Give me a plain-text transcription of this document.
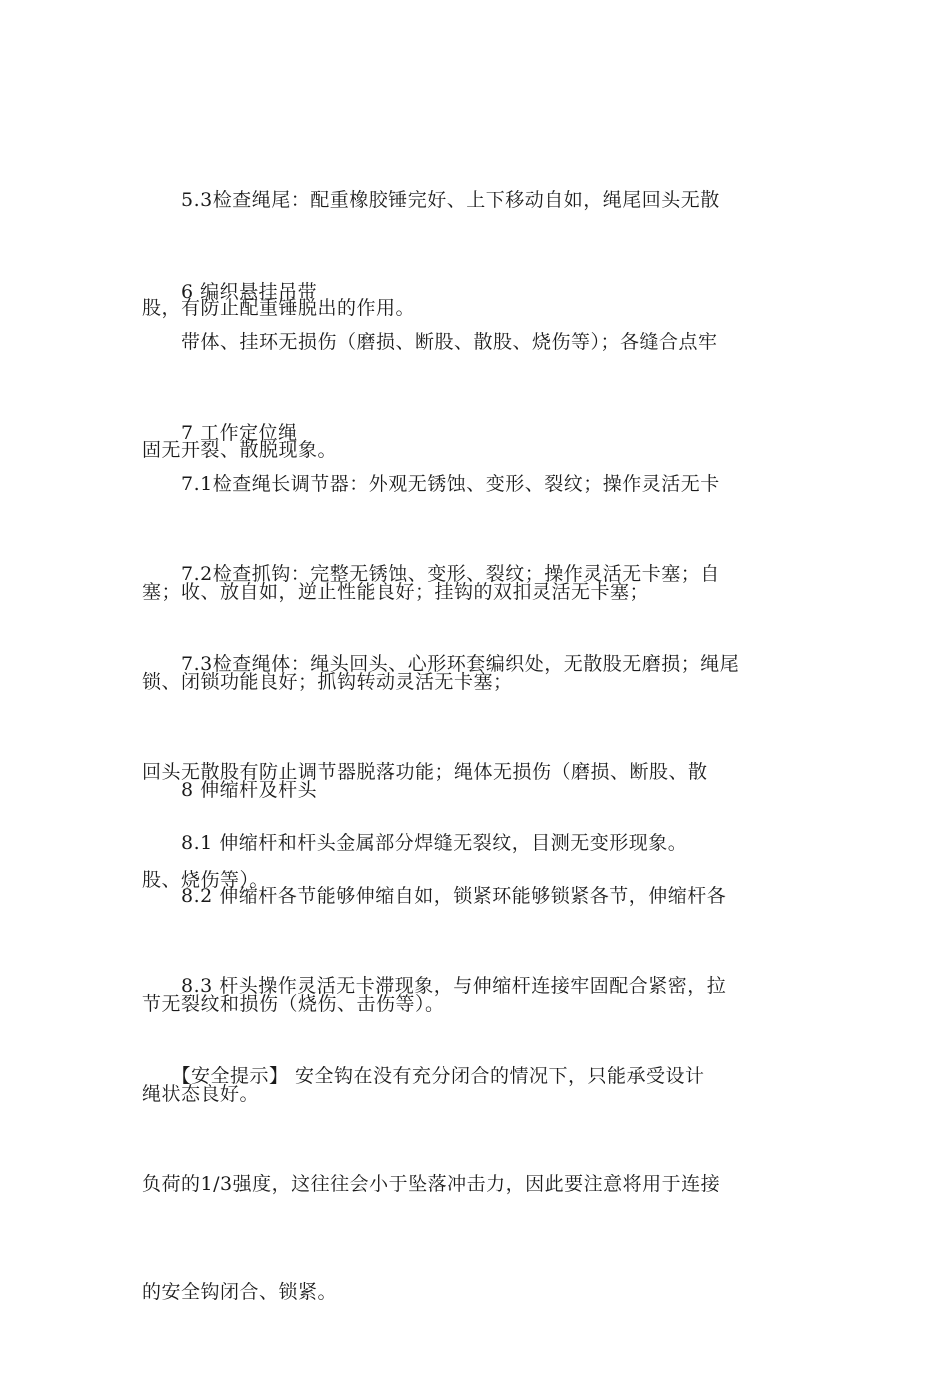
　　5.3检查绳尾：配重橡胶锤完好、上下移动自如，绳尾回头无散

股，有防止配重锤脱出的作用。

　　6 编织悬挂吊带

　　带体、挂环无损伤（磨损、断股、散股、烧伤等）；各缝合点牢

固无开裂、散脱现象。

　　7 工作定位绳

　　7.1检查绳长调节器：外观无锈蚀、变形、裂纹；操作灵活无卡

塞；收、放自如，逆止性能良好；挂钩的双扣灵活无卡塞；

　　7.2检查抓钩：完整无锈蚀、变形、裂纹；操作灵活无卡塞；自

锁、闭锁功能良好；抓钩转动灵活无卡塞；

　　7.3检查绳体：绳头回头、心形环套编织处，无散股无磨损；绳尾

回头无散股有防止调节器脱落功能；绳体无损伤（磨损、断股、散

股、烧伤等）。

　　8 伸缩杆及杆头

　　8.1 伸缩杆和杆头金属部分焊缝无裂纹，目测无变形现象。

　　8.2 伸缩杆各节能够伸缩自如，锁紧环能够锁紧各节，伸缩杆各

节无裂纹和损伤（烧伤、击伤等）。

　　8.3 杆头操作灵活无卡滞现象，与伸缩杆连接牢固配合紧密，拉

绳状态良好。

　　【安全提示】 安全钩在没有充分闭合的情况下，只能承受设计

负荷的1/3强度，这往往会小于坠落冲击力，因此要注意将用于连接

的安全钩闭合、锁紧。
